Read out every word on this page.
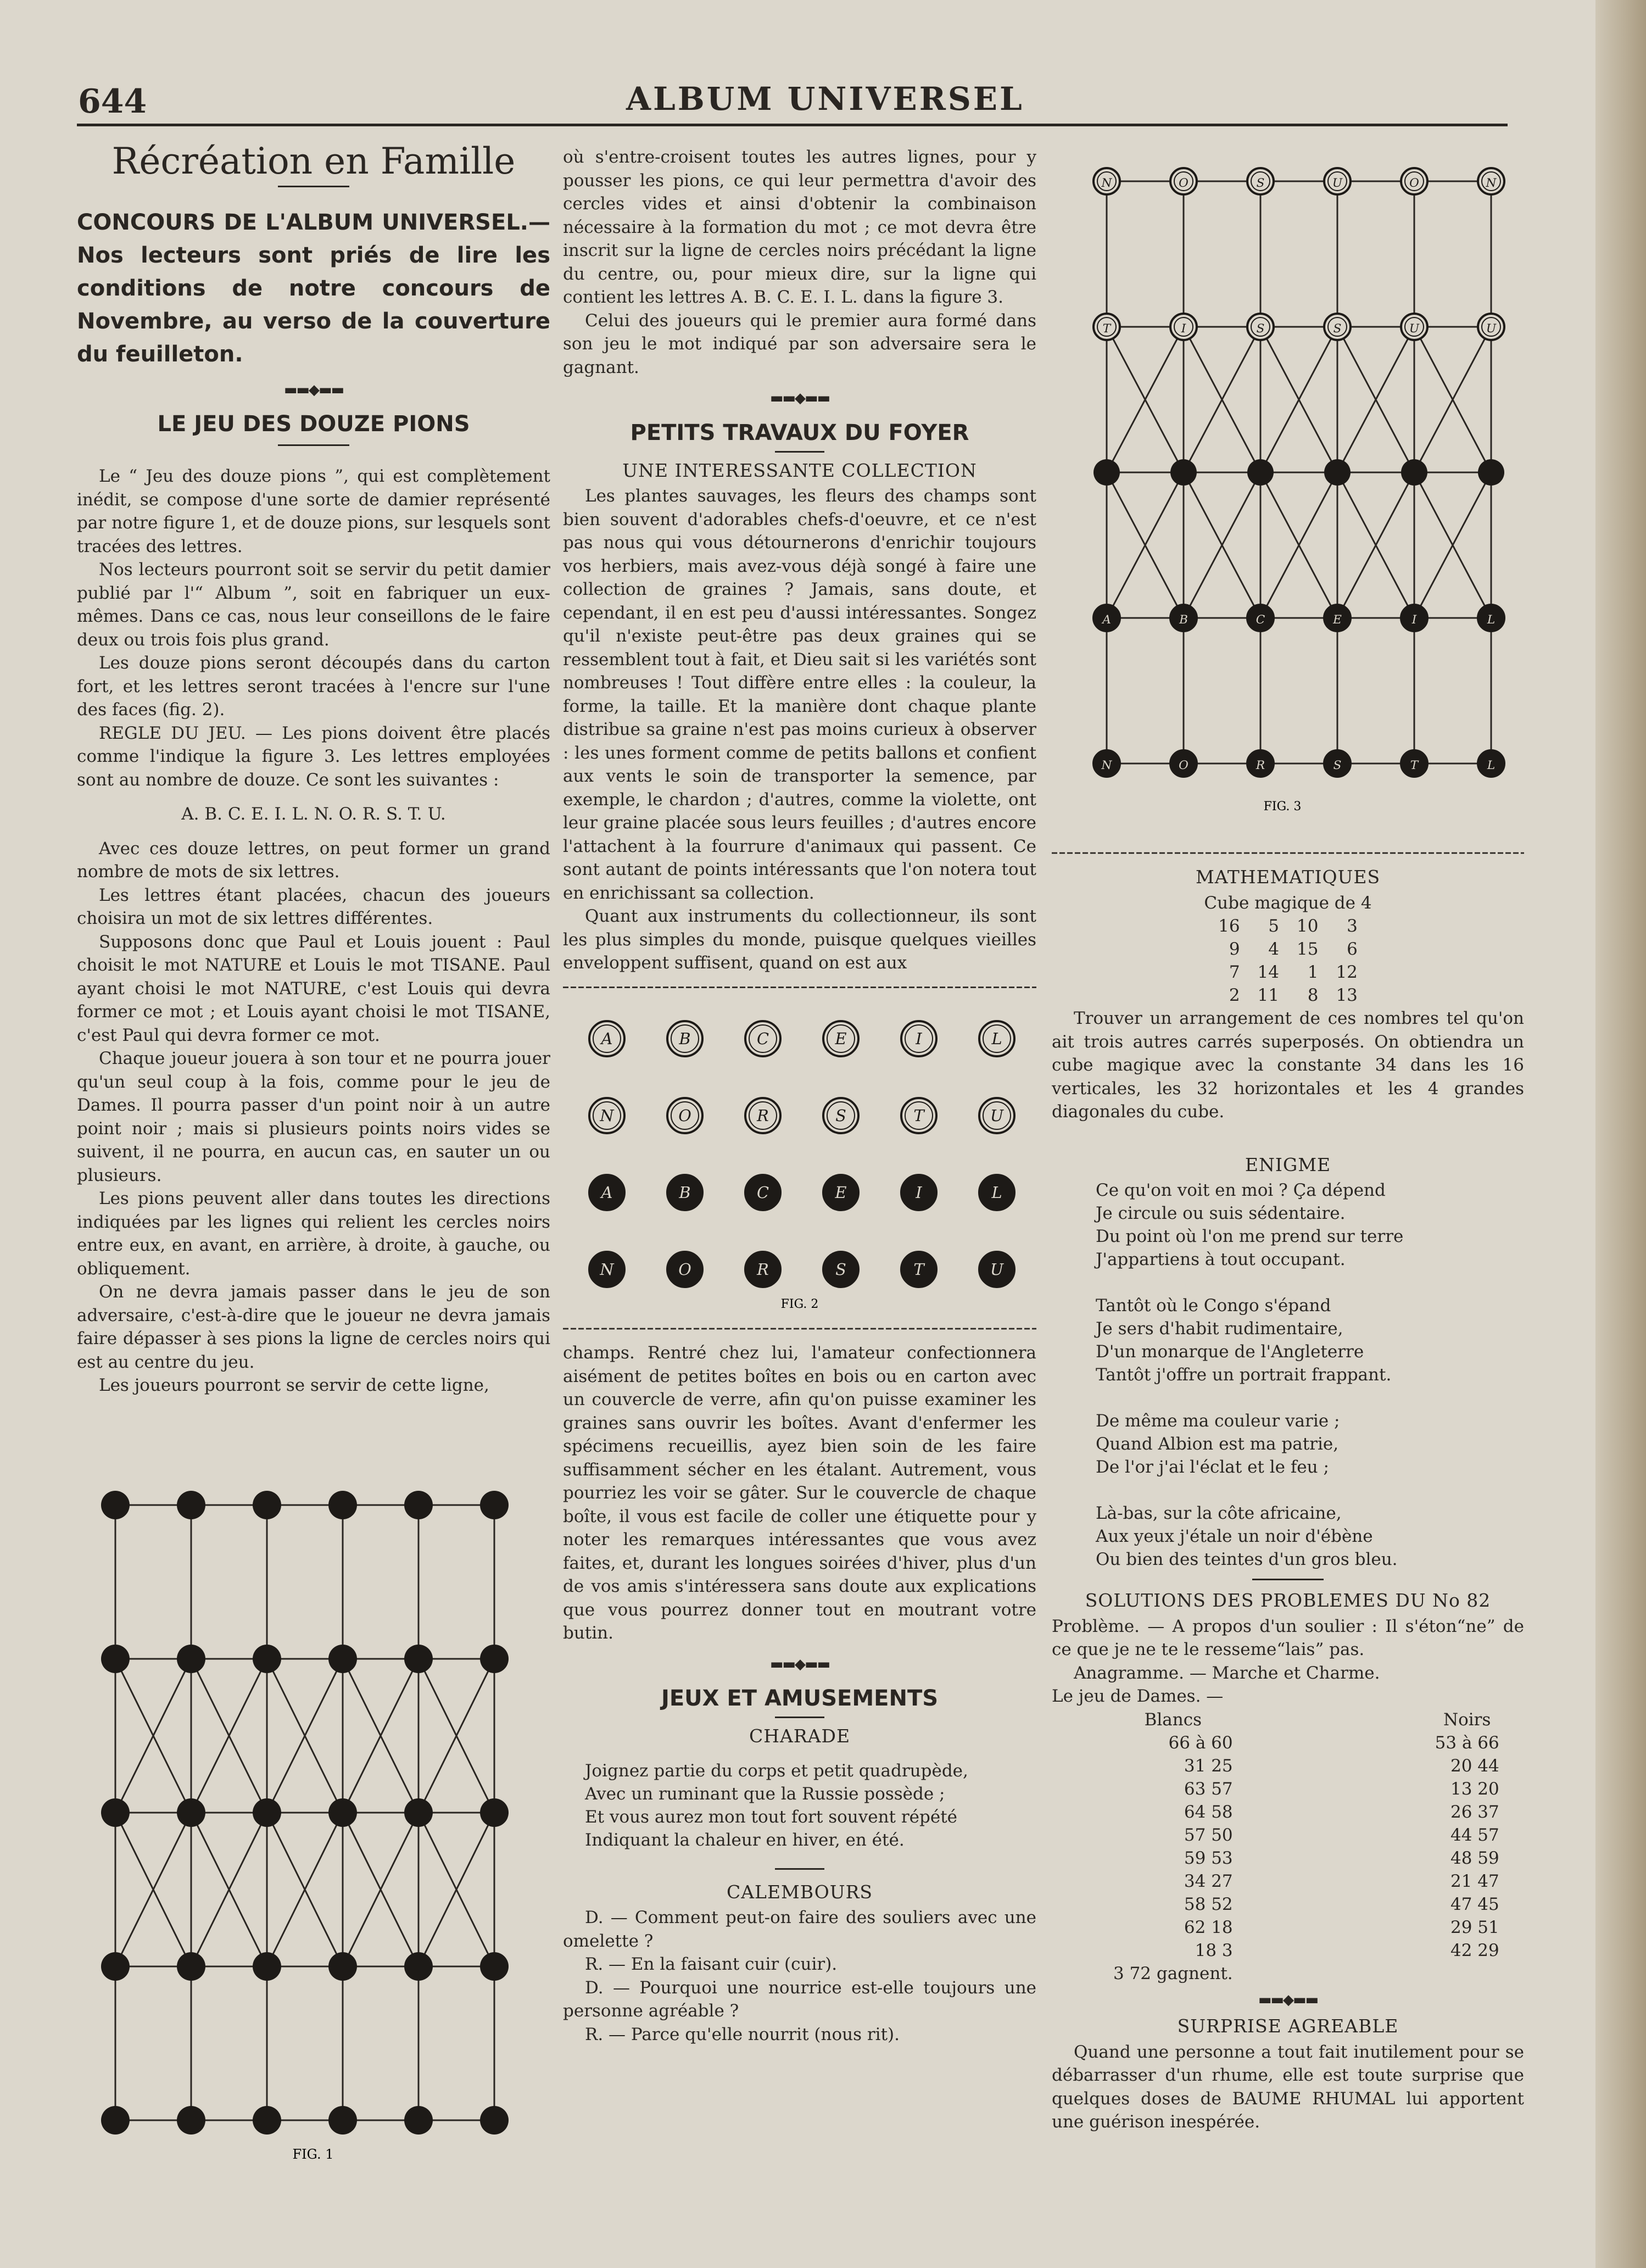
644	ALBUM UNIVERSEL
Récréation en Famille
CONCOURS DE L'ALBUM UNIVERSEL.— Nos lecteurs sont priés de lire les conditions de notre concours de Novembre, au verso de la couverture du feuilleton.
▬▬◆▬▬
LE JEU DES DOUZE PIONS

Le “ Jeu des douze pions ”, qui est complètement inédit, se compose d'une sorte de damier représenté par notre figure 1, et de douze pions, sur lesquels sont tracées des lettres.

Nos lecteurs pourront soit se servir du petit damier publié par l'“ Album ”, soit en fabriquer un eux-mêmes. Dans ce cas, nous leur conseillons de le faire deux ou trois fois plus grand.

Les douze pions seront découpés dans du carton fort, et les lettres seront tracées à l'encre sur l'une des faces (fig. 2).

REGLE DU JEU. — Les pions doivent être placés comme l'indique la figure 3. Les lettres employées sont au nombre de douze. Ce sont les suivantes :

A. B. C. E. I. L. N. O. R. S. T. U.

Avec ces douze lettres, on peut former un grand nombre de mots de six lettres.

Les lettres étant placées, chacun des joueurs choisira un mot de six lettres différentes.

Supposons donc que Paul et Louis jouent : Paul choisit le mot NATURE et Louis le mot TISANE. Paul ayant choisi le mot NATURE, c'est Louis qui devra former ce mot ; et Louis ayant choisi le mot TISANE, c'est Paul qui devra former ce mot.

Chaque joueur jouera à son tour et ne pourra jouer qu'un seul coup à la fois, comme pour le jeu de Dames. Il pourra passer d'un point noir à un autre point noir ; mais si plusieurs points noirs vides se suivent, il ne pourra, en aucun cas, en sauter un ou plusieurs.

Les pions peuvent aller dans toutes les directions indiquées par les lignes qui relient les cercles noirs entre eux, en avant, en arrière, à droite, à gauche, ou obliquement.

On ne devra jamais passer dans le jeu de son adversaire, c'est-à-dire que le joueur ne devra jamais faire dépasser à ses pions la ligne de cercles noirs qui est au centre du jeu.

Les joueurs pourront se servir de cette ligne,

FIG. 1

où s'entre-croisent toutes les autres lignes, pour y pousser les pions, ce qui leur permettra d'avoir des cercles vides et ainsi d'obtenir la combinaison nécessaire à la formation du mot ; ce mot devra être inscrit sur la ligne de cercles noirs précédant la ligne du centre, ou, pour mieux dire, sur la ligne qui contient les lettres A. B. C. E. I. L. dans la figure 3.

Celui des joueurs qui le premier aura formé dans son jeu le mot indiqué par son adversaire sera le gagnant.

▬▬◆▬▬
PETITS TRAVAUX DU FOYER
UNE INTERESSANTE COLLECTION

Les plantes sauvages, les fleurs des champs sont bien souvent d'adorables chefs-d'oeuvre, et ce n'est pas nous qui vous détournerons d'enrichir toujours vos herbiers, mais avez-vous déjà songé à faire une collection de graines ? Jamais, sans doute, et cependant, il en est peu d'aussi intéressantes. Songez qu'il n'existe peut-être pas deux graines qui se ressemblent tout à fait, et Dieu sait si les variétés sont nombreuses ! Tout diffère entre elles : la couleur, la forme, la taille. Et la manière dont chaque plante distribue sa graine n'est pas moins curieux à observer : les unes forment comme de petits ballons et confient aux vents le soin de transporter la semence, par exemple, le chardon ; d'autres, comme la violette, ont leur graine placée sous leurs feuilles ; d'autres encore l'attachent à la fourrure d'animaux qui passent. Ce sont autant de points intéressants que l'on notera tout en enrichissant sa collection.

Quant aux instruments du collectionneur, ils sont les plus simples du monde, puisque quelques vieilles enveloppent suffisent, quand on est aux

A	B	C	E	I	L
N	O	R	S	T	U
A	B	C	E	I	L
N	O	R	S	T	U
FIG. 2

champs. Rentré chez lui, l'amateur confectionnera aisément de petites boîtes en bois ou en carton avec un couvercle de verre, afin qu'on puisse examiner les graines sans ouvrir les boîtes. Avant d'enfermer les spécimens recueillis, ayez bien soin de les faire suffisamment sécher en les étalant. Autrement, vous pourriez les voir se gâter. Sur le couvercle de chaque boîte, il vous est facile de coller une étiquette pour y noter les remarques intéressantes que vous avez faites, et, durant les longues soirées d'hiver, plus d'un de vos amis s'intéressera sans doute aux explications que vous pourrez donner tout en moutrant votre butin.

▬▬◆▬▬
JEUX ET AMUSEMENTS
CHARADE
Joignez partie du corps et petit quadrupède,
Avec un ruminant que la Russie possède ;
Et vous aurez mon tout fort souvent répété
Indiquant la chaleur en hiver, en été.
CALEMBOURS

D. — Comment peut-on faire des souliers avec une omelette ?

R. — En la faisant cuir (cuir).

D. — Pourquoi une nourrice est-elle toujours une personne agréable ?

R. — Parce qu'elle nourrit (nous rit).

N	O	S	U	O	N
T	I	S	S	U	U
A	B	C	E	I	L
N	O	R	S	T	L
FIG. 3
MATHEMATIQUES
Cube magique de 4
16	5	10	3
9	4	15	6
7	14	1	12
2	11	8	13

Trouver un arrangement de ces nombres tel qu'on ait trois autres carrés superposés. On obtiendra un cube magique avec la constante 34 dans les 16 verticales, les 32 horizontales et les 4 grandes diagonales du cube.

ENIGME
Ce qu'on voit en moi ? Ça dépend
Je circule ou suis sédentaire.
Du point où l'on me prend sur terre
J'appartiens à tout occupant.
Tantôt où le Congo s'épand
Je sers d'habit rudimentaire,
D'un monarque de l'Angleterre
Tantôt j'offre un portrait frappant.
De même ma couleur varie ;
Quand Albion est ma patrie,
De l'or j'ai l'éclat et le feu ;
Là-bas, sur la côte africaine,
Aux yeux j'étale un noir d'ébène
Ou bien des teintes d'un gros bleu.
SOLUTIONS DES PROBLEMES DU No 82

Problème. — A propos d'un soulier : Il s'éton“ne” de ce que je ne te le resseme“lais” pas.

Anagramme. — Marche et Charme.

Le jeu de Dames. —

Blancs		Noirs
66 à 60		53 à 66
31 25		20 44
63 57		13 20
64 58		26 37
57 50		44 57
59 53		48 59
34 27		21 47
58 52		47 45
62 18		29 51
18 3		42 29
3 72 gagnent.		
▬▬◆▬▬
SURPRISE AGREABLE

Quand une personne a tout fait inutilement pour se débarrasser d'un rhume, elle est toute surprise que quelques doses de BAUME RHUMAL lui apportent une guérison inespérée.
